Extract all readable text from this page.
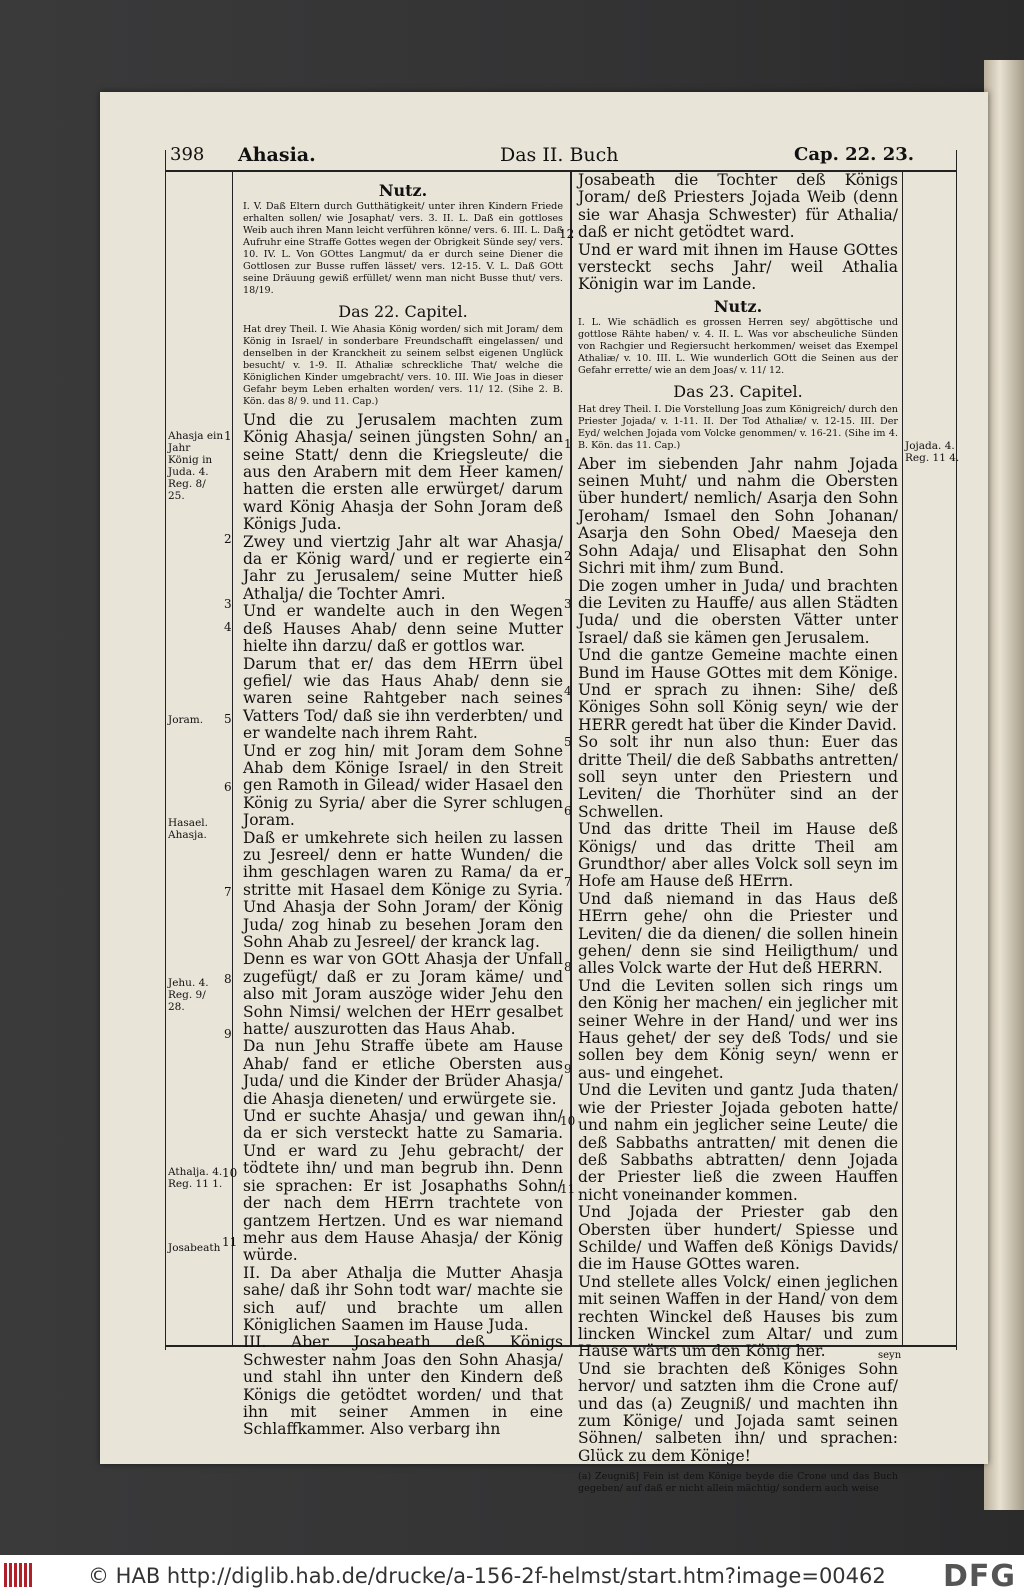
398 Ahasia.	Das II. Buch	Cap. 22. 23.
Ahasja ein Jahr König in Juda. 4. Reg. 8/ 25.
Joram.
Hasael. Ahasja.
Jehu. 4. Reg. 9/ 28.
Athalja. 4. Reg. 11 1.
Josabeath
Jojada. 4. Reg. 11 4.
1
2
3
4
5
6
7
8
9
10
11
12
1
2
3
4
5
6
7
8
9
10
11
Nutz.
I. V. Daß Eltern durch Gutthätigkeit/ unter ihren Kindern Friede erhalten sollen/ wie Josaphat/ vers. 3. II. L. Daß ein gottloses Weib auch ihren Mann leicht verführen könne/ vers. 6. III. L. Daß Aufruhr eine Straffe Gottes wegen der Obrigkeit Sünde sey/ vers. 10. IV. L. Von GOttes Langmut/ da er durch seine Diener die Gottlosen zur Busse ruffen lässet/ vers. 12-15. V. L. Daß GOtt seine Dräuung gewiß erfüllet/ wenn man nicht Busse thut/ vers. 18/19.
Das 22. Capitel.
Hat drey Theil. I. Wie Ahasia König worden/ sich mit Joram/ dem König in Israel/ in sonderbare Freundschafft eingelassen/ und denselben in der Kranckheit zu seinem selbst eigenen Unglück besucht/ v. 1-9. II. Athaliæ schreckliche That/ welche die Königlichen Kinder umgebracht/ vers. 10. III. Wie Joas in dieser Gefahr beym Leben erhalten worden/ vers. 11/ 12. (Sihe 2. B. Kön. das 8/ 9. und 11. Cap.)
Und die zu Jerusalem machten zum König Ahasja/ seinen jüngsten Sohn/ an seine Statt/ denn die Kriegsleute/ die aus den Arabern mit dem Heer kamen/ hatten die ersten alle erwürget/ darum ward König Ahasja der Sohn Joram deß Königs Juda.
Zwey und viertzig Jahr alt war Ahasja/ da er König ward/ und er regierte ein Jahr zu Jerusalem/ seine Mutter hieß Athalja/ die Tochter Amri.
Und er wandelte auch in den Wegen deß Hauses Ahab/ denn seine Mutter hielte ihn darzu/ daß er gottlos war.
Darum that er/ das dem HErrn übel gefiel/ wie das Haus Ahab/ denn sie waren seine Rahtgeber nach seines Vatters Tod/ daß sie ihn verderbten/ und er wandelte nach ihrem Raht.
Und er zog hin/ mit Joram dem Sohne Ahab dem Könige Israel/ in den Streit gen Ramoth in Gilead/ wider Hasael den König zu Syria/ aber die Syrer schlugen Joram.
Daß er umkehrete sich heilen zu lassen zu Jesreel/ denn er hatte Wunden/ die ihm geschlagen waren zu Rama/ da er stritte mit Hasael dem Könige zu Syria. Und Ahasja der Sohn Joram/ der König Juda/ zog hinab zu besehen Joram den Sohn Ahab zu Jesreel/ der kranck lag.
Denn es war von GOtt Ahasja der Unfall zugefügt/ daß er zu Joram käme/ und also mit Joram auszöge wider Jehu den Sohn Nimsi/ welchen der HErr gesalbet hatte/ auszurotten das Haus Ahab.
Da nun Jehu Straffe übete am Hause Ahab/ fand er etliche Obersten aus Juda/ und die Kinder der Brüder Ahasja/ die Ahasja dieneten/ und erwürgete sie.
Und er suchte Ahasja/ und gewan ihn/ da er sich versteckt hatte zu Samaria. Und er ward zu Jehu gebracht/ der tödtete ihn/ und man begrub ihn. Denn sie sprachen: Er ist Josaphaths Sohn/ der nach dem HErrn trachtete von gantzem Hertzen. Und es war niemand mehr aus dem Hause Ahasja/ der König würde.
II. Da aber Athalja die Mutter Ahasja sahe/ daß ihr Sohn todt war/ machte sie sich auf/ und brachte um allen Königlichen Saamen im Hause Juda.
III. Aber Josabeath deß Königs Schwester nahm Joas den Sohn Ahasja/ und stahl ihn unter den Kindern deß Königs die getödtet worden/ und that ihn mit seiner Ammen in eine Schlaffkammer. Also verbarg ihn
Josabeath die Tochter deß Königs Joram/ deß Priesters Jojada Weib (denn sie war Ahasja Schwester) für Athalia/ daß er nicht getödtet ward.
Und er ward mit ihnen im Hause GOttes versteckt sechs Jahr/ weil Athalia Königin war im Lande.
Nutz.
I. L. Wie schädlich es grossen Herren sey/ abgöttische und gottlose Rähte haben/ v. 4. II. L. Was vor abscheuliche Sünden von Rachgier und Regiersucht herkommen/ weiset das Exempel Athaliæ/ v. 10. III. L. Wie wunderlich GOtt die Seinen aus der Gefahr errette/ wie an dem Joas/ v. 11/ 12.
Das 23. Capitel.
Hat drey Theil. I. Die Vorstellung Joas zum Königreich/ durch den Priester Jojada/ v. 1-11. II. Der Tod Athaliæ/ v. 12-15. III. Der Eyd/ welchen Jojada vom Volcke genommen/ v. 16-21. (Sihe im 4. B. Kön. das 11. Cap.)
Aber im siebenden Jahr nahm Jojada seinen Muht/ und nahm die Obersten über hundert/ nemlich/ Asarja den Sohn Jeroham/ Ismael den Sohn Johanan/ Asarja den Sohn Obed/ Maeseja den Sohn Adaja/ und Elisaphat den Sohn Sichri mit ihm/ zum Bund.
Die zogen umher in Juda/ und brachten die Leviten zu Hauffe/ aus allen Städten Juda/ und die obersten Vätter unter Israel/ daß sie kämen gen Jerusalem.
Und die gantze Gemeine machte einen Bund im Hause GOttes mit dem Könige. Und er sprach zu ihnen: Sihe/ deß Königes Sohn soll König seyn/ wie der HERR geredt hat über die Kinder David.
So solt ihr nun also thun: Euer das dritte Theil/ die deß Sabbaths antretten/ soll seyn unter den Priestern und Leviten/ die Thorhüter sind an der Schwellen.
Und das dritte Theil im Hause deß Königs/ und das dritte Theil am Grundthor/ aber alles Volck soll seyn im Hofe am Hause deß HErrn.
Und daß niemand in das Haus deß HErrn gehe/ ohn die Priester und Leviten/ die da dienen/ die sollen hinein gehen/ denn sie sind Heiligthum/ und alles Volck warte der Hut deß HERRN.
Und die Leviten sollen sich rings um den König her machen/ ein jeglicher mit seiner Wehre in der Hand/ und wer ins Haus gehet/ der sey deß Tods/ und sie sollen bey dem König seyn/ wenn er aus- und eingehet.
Und die Leviten und gantz Juda thaten/ wie der Priester Jojada geboten hatte/ und nahm ein jeglicher seine Leute/ die deß Sabbaths antratten/ mit denen die deß Sabbaths abtratten/ denn Jojada der Priester ließ die zween Hauffen nicht voneinander kommen.
Und Jojada der Priester gab den Obersten über hundert/ Spiesse und Schilde/ und Waffen deß Königs Davids/ die im Hause GOttes waren.
Und stellete alles Volck/ einen jeglichen mit seinen Waffen in der Hand/ von dem rechten Winckel deß Hauses bis zum lincken Winckel zum Altar/ und zum Hause wärts um den König her.
Und sie brachten deß Königes Sohn hervor/ und satzten ihm die Crone auf/ und das (a) Zeugniß/ und machten ihn zum Könige/ und Jojada samt seinen Söhnen/ salbeten ihn/ und sprachen: Glück zu dem Könige!
(a) Zeugniß] Fein ist dem Könige beyde die Crone und das Buch gegeben/ auf daß er nicht allein mächtig/ sondern auch weise
seyn
© HAB http://diglib.hab.de/drucke/a-156-2f-helmst/start.htm?image=00462 DFG
